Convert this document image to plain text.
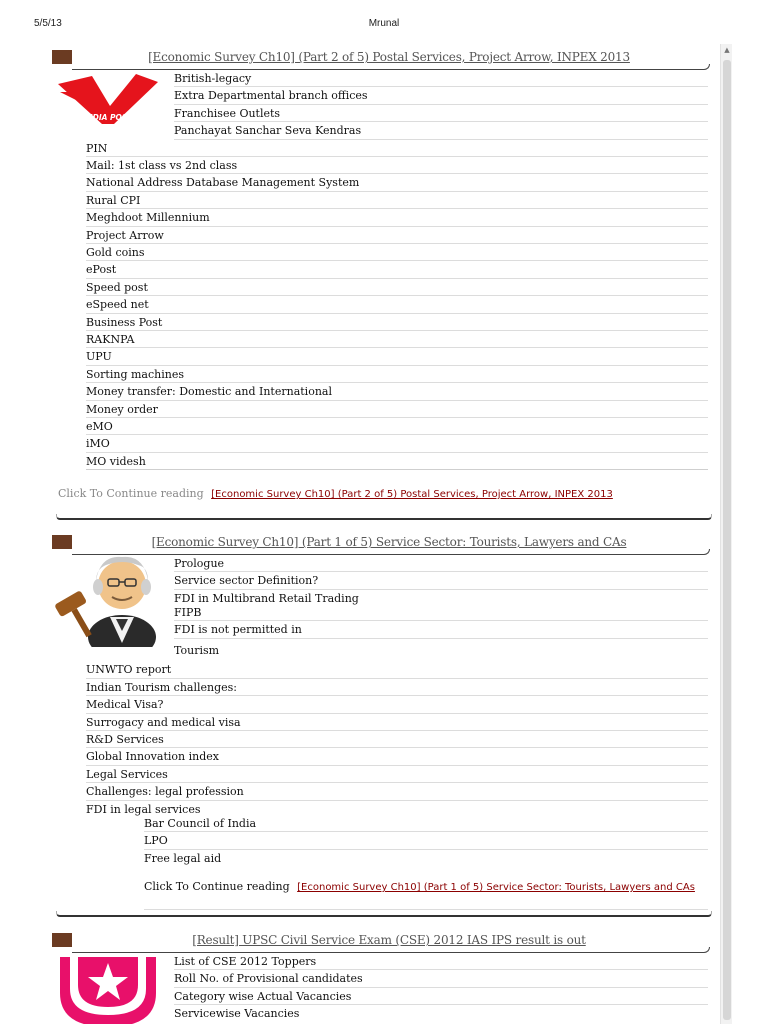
5/5/13	Mrunal
▲
[Economic Survey Ch10] (Part 2 of 5) Postal Services, Project Arrow, INPEX 2013
INDIA POST
British-legacy
Extra Departmental branch offices
Franchisee Outlets
Panchayat Sanchar Seva Kendras
PIN
Mail: 1st class vs 2nd class
National Address Database Management System
Rural CPI
Meghdoot Millennium
Project Arrow
Gold coins
ePost
Speed post
eSpeed net
Business Post
RAKNPA
UPU
Sorting machines
Money transfer: Domestic and International
Money order
eMO
iMO
MO videsh
Click To Continue reading [Economic Survey Ch10] (Part 2 of 5) Postal Services, Project Arrow, INPEX 2013
[Economic Survey Ch10] (Part 1 of 5) Service Sector: Tourists, Lawyers and CAs
Prologue
Service sector Definition?
FDI in Multibrand Retail Trading
FIPB
FDI is not permitted in
Tourism
UNWTO report
Indian Tourism challenges:
Medical Visa?
Surrogacy and medical visa
R&D Services
Global Innovation index
Legal Services
Challenges: legal profession
FDI in legal services
Bar Council of India
LPO
Free legal aid
Click To Continue reading [Economic Survey Ch10] (Part 1 of 5) Service Sector: Tourists, Lawyers and CAs
[Result] UPSC Civil Service Exam (CSE) 2012 IAS IPS result is out
List of CSE 2012 Toppers
Roll No. of Provisional candidates
Category wise Actual Vacancies
Servicewise Vacancies
